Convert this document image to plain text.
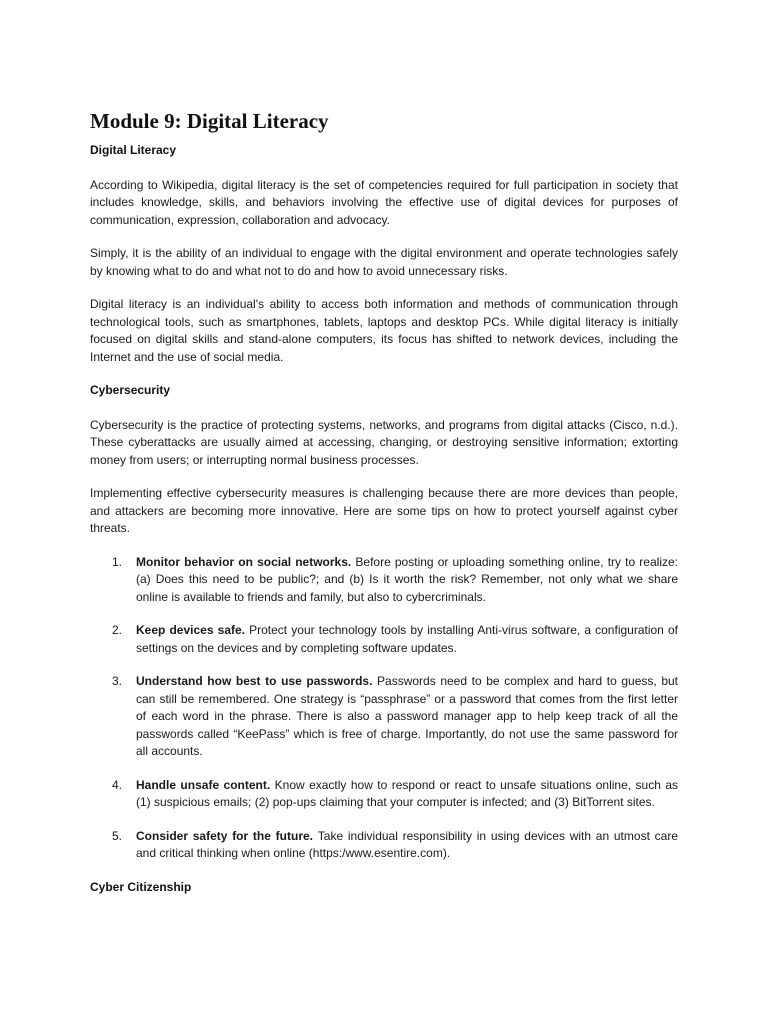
Module 9: Digital Literacy
Digital Literacy

According to Wikipedia, digital literacy is the set of competencies required for full participation in society that includes knowledge, skills, and behaviors involving the effective use of digital devices for purposes of communication, expression, collaboration and advocacy.

Simply, it is the ability of an individual to engage with the digital environment and operate technologies safely by knowing what to do and what not to do and how to avoid unnecessary risks.

Digital literacy is an individual's ability to access both information and methods of communication through technological tools, such as smartphones, tablets, laptops and desktop PCs. While digital literacy is initially focused on digital skills and stand-alone computers, its focus has shifted to network devices, including the Internet and the use of social media.

Cybersecurity

Cybersecurity is the practice of protecting systems, networks, and programs from digital attacks (Cisco, n.d.). These cyberattacks are usually aimed at accessing, changing, or destroying sensitive information; extorting money from users; or interrupting normal business processes.

Implementing effective cybersecurity measures is challenging because there are more devices than people, and attackers are becoming more innovative. Here are some tips on how to protect yourself against cyber threats.

1. Monitor behavior on social networks. Before posting or uploading something online, try to realize: (a) Does this need to be public?; and (b) Is it worth the risk? Remember, not only what we share online is available to friends and family, but also to cybercriminals.
2. Keep devices safe. Protect your technology tools by installing Anti-virus software, a configuration of settings on the devices and by completing software updates.
3. Understand how best to use passwords. Passwords need to be complex and hard to guess, but can still be remembered. One strategy is “passphrase” or a password that comes from the first letter of each word in the phrase. There is also a password manager app to help keep track of all the passwords called “KeePass” which is free of charge. Importantly, do not use the same password for all accounts.
4. Handle unsafe content. Know exactly how to respond or react to unsafe situations online, such as (1) suspicious emails; (2) pop-ups claiming that your computer is infected; and (3) BitTorrent sites.
5. Consider safety for the future. Take individual responsibility in using devices with an utmost care and critical thinking when online (https:/www.esentire.com).
Cyber Citizenship
